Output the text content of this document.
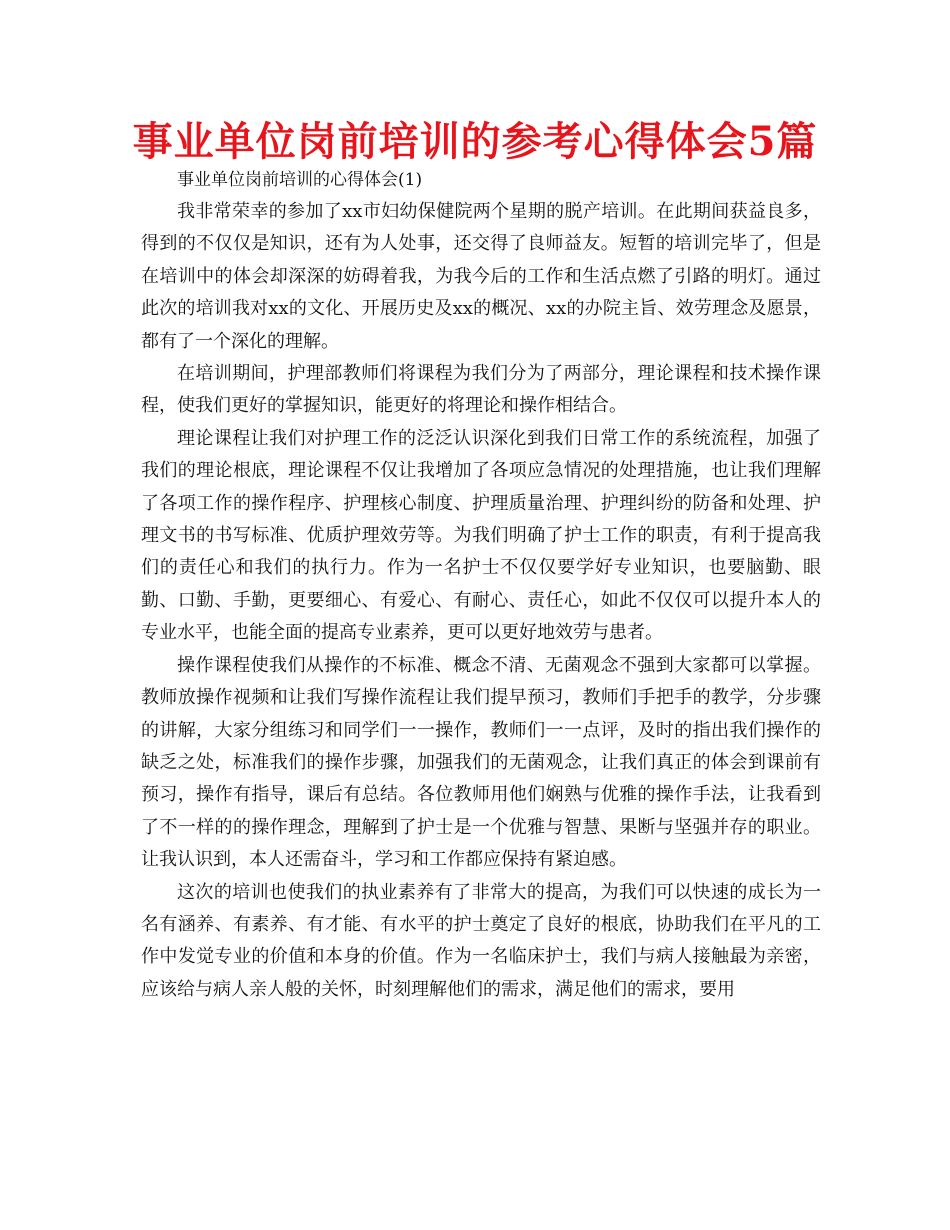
事业单位岗前培训的参考心得体会5篇

事业单位岗前培训的心得体会(1)

我非常荣幸的参加了xx市妇幼保健院两个星期的脱产培训。在此期间获益良多，得到的不仅仅是知识，还有为人处事，还交得了良师益友。短暂的培训完毕了，但是在培训中的体会却深深的妨碍着我，为我今后的工作和生活点燃了引路的明灯。通过此次的培训我对xx的文化、开展历史及xx的概况、xx的办院主旨、效劳理念及愿景，都有了一个深化的理解。

在培训期间，护理部教师们将课程为我们分为了两部分，理论课程和技术操作课程，使我们更好的掌握知识，能更好的将理论和操作相结合。

理论课程让我们对护理工作的泛泛认识深化到我们日常工作的系统流程，加强了我们的理论根底，理论课程不仅让我增加了各项应急情况的处理措施，也让我们理解了各项工作的操作程序、护理核心制度、护理质量治理、护理纠纷的防备和处理、护理文书的书写标准、优质护理效劳等。为我们明确了护士工作的职责，有利于提高我们的责任心和我们的执行力。作为一名护士不仅仅要学好专业知识，也要脑勤、眼勤、口勤、手勤，更要细心、有爱心、有耐心、责任心，如此不仅仅可以提升本人的专业水平，也能全面的提高专业素养，更可以更好地效劳与患者。

操作课程使我们从操作的不标准、概念不清、无菌观念不强到大家都可以掌握。教师放操作视频和让我们写操作流程让我们提早预习，教师们手把手的教学，分步骤的讲解，大家分组练习和同学们一一操作，教师们一一点评，及时的指出我们操作的缺乏之处，标准我们的操作步骤，加强我们的无菌观念，让我们真正的体会到课前有预习，操作有指导，课后有总结。各位教师用他们娴熟与优雅的操作手法，让我看到了不一样的的操作理念，理解到了护士是一个优雅与智慧、果断与坚强并存的职业。让我认识到，本人还需奋斗，学习和工作都应保持有紧迫感。

这次的培训也使我们的执业素养有了非常大的提高，为我们可以快速的成长为一名有涵养、有素养、有才能、有水平的护士奠定了良好的根底，协助我们在平凡的工作中发觉专业的价值和本身的价值。作为一名临床护士，我们与病人接触最为亲密，应该给与病人亲人般的关怀，时刻理解他们的需求，满足他们的需求，要用
